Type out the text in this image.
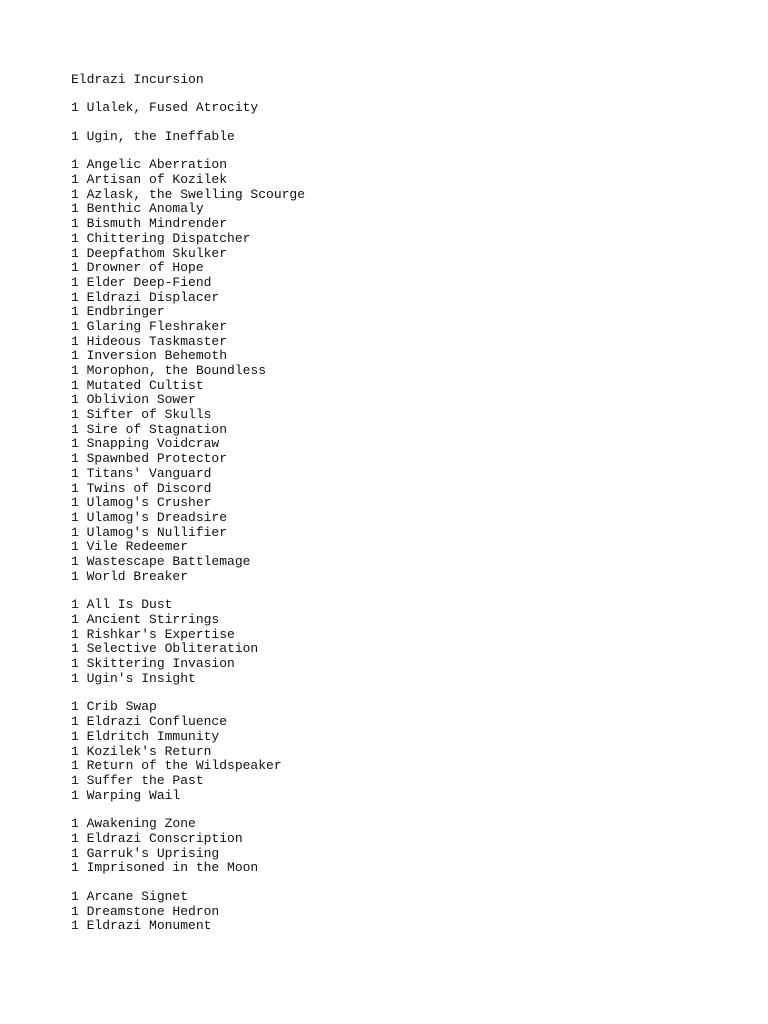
Eldrazi Incursion
1 Ulalek, Fused Atrocity
1 Ugin, the Ineffable
1 Angelic Aberration
1 Artisan of Kozilek
1 Azlask, the Swelling Scourge
1 Benthic Anomaly
1 Bismuth Mindrender
1 Chittering Dispatcher
1 Deepfathom Skulker
1 Drowner of Hope
1 Elder Deep-Fiend
1 Eldrazi Displacer
1 Endbringer
1 Glaring Fleshraker
1 Hideous Taskmaster
1 Inversion Behemoth
1 Morophon, the Boundless
1 Mutated Cultist
1 Oblivion Sower
1 Sifter of Skulls
1 Sire of Stagnation
1 Snapping Voidcraw
1 Spawnbed Protector
1 Titans' Vanguard
1 Twins of Discord
1 Ulamog's Crusher
1 Ulamog's Dreadsire
1 Ulamog's Nullifier
1 Vile Redeemer
1 Wastescape Battlemage
1 World Breaker
1 All Is Dust
1 Ancient Stirrings
1 Rishkar's Expertise
1 Selective Obliteration
1 Skittering Invasion
1 Ugin's Insight
1 Crib Swap
1 Eldrazi Confluence
1 Eldritch Immunity
1 Kozilek's Return
1 Return of the Wildspeaker
1 Suffer the Past
1 Warping Wail
1 Awakening Zone
1 Eldrazi Conscription
1 Garruk's Uprising
1 Imprisoned in the Moon
1 Arcane Signet
1 Dreamstone Hedron
1 Eldrazi Monument
